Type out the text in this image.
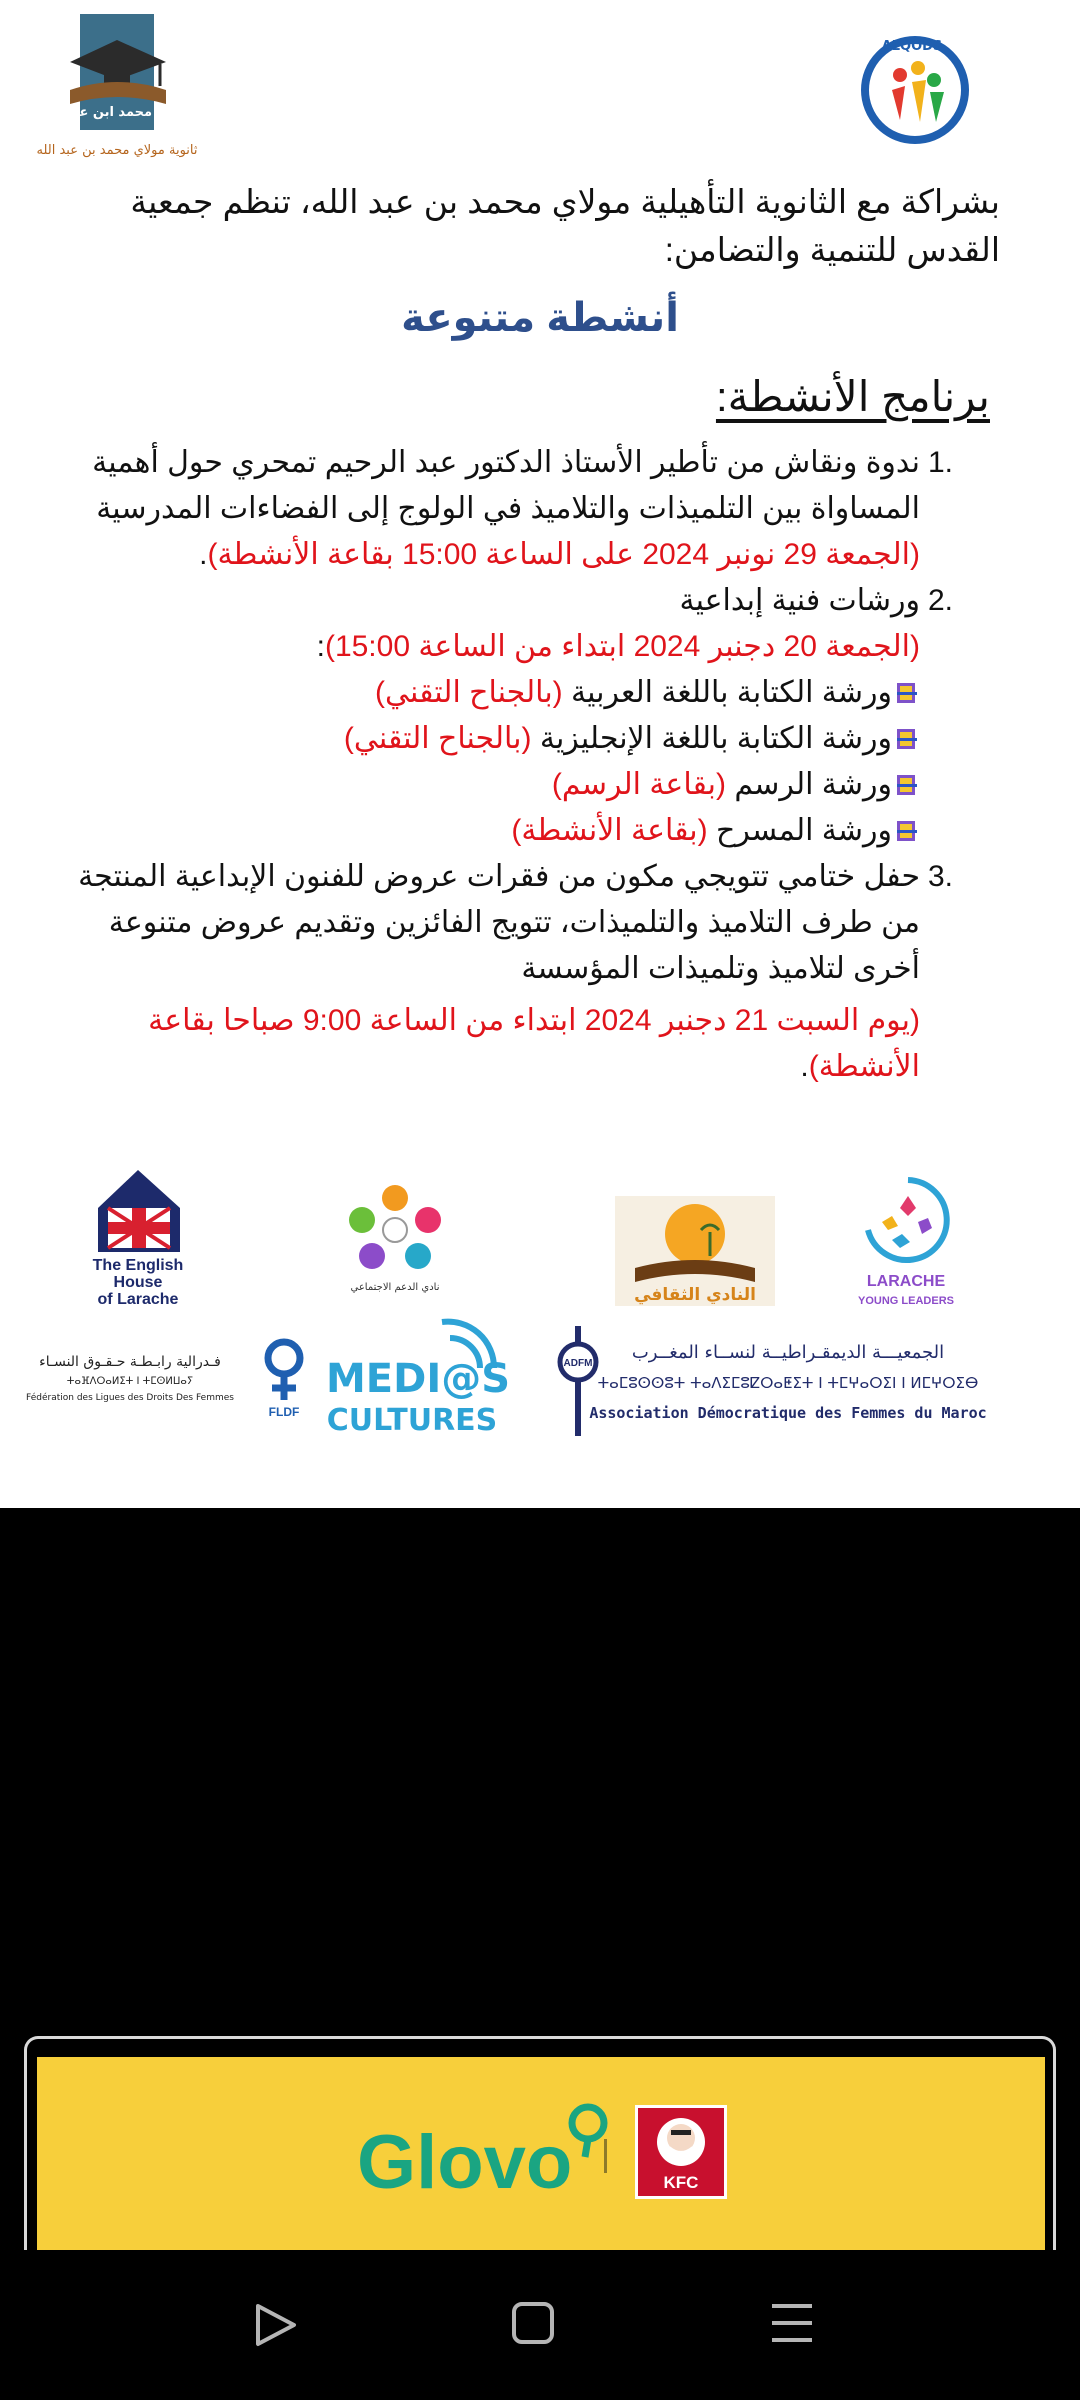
مولاي محمد ابن عبد الله
ثانوية مولاي محمد بن عبد الله
ALQODS
بشراكة مع الثانوية التأهيلية مولاي محمد بن عبد الله، تنظم جمعية القدس للتنمية والتضامن:
أنشطة متنوعة
برنامج الأنشطة:
1.
ندوة ونقاش من تأطير الأستاذ الدكتور عبد الرحيم تمحري حول أهمية المساواة بين التلميذات والتلاميذ في الولوج إلى الفضاءات المدرسية
(الجمعة 29 نونبر 2024 على الساعة 15:00 بقاعة الأنشطة).
2.
ورشات فنية إبداعية
(الجمعة 20 دجنبر 2024 ابتداء من الساعة 15:00):
ورشة الكتابة باللغة العربية (بالجناح التقني)
ورشة الكتابة باللغة الإنجليزية (بالجناح التقني)
ورشة الرسم (بقاعة الرسم)
ورشة المسرح (بقاعة الأنشطة)
3.
حفل ختامي تتويجي مكون من فقرات عروض للفنون الإبداعية المنتجة من طرف التلاميذ والتلميذات، تتويج الفائزين وتقديم عروض متنوعة أخرى لتلاميذ وتلميذات المؤسسة
(يوم السبت 21 دجنبر 2024 ابتداء من الساعة 9:00 صباحا بقاعة الأنشطة).
The English
House
of Larache
نادي الدعم الاجتماعي	النادي الثقافي
LARACHE
YOUNG LEADERS
فـدرالية رابـطـة حـقـوق النسـاء
ⵜⴰⴼⴷⵔⴰⵍⵉⵜ ⵏ ⵜⵎⵙⵍⵡⴰⵢ
Fédération des Ligues des Droits Des Femmes
FLDF
MEDI@S
CULTURES
ADFM
الجمعيـــة الديمقـراطيــة لنســاء المغــرب
ⵜⴰⵎⵓⵙⵙⵓⵜ ⵜⴰⴷⵉⵎⵓⵇⵔⴰⵟⵉⵜ ⵏ ⵜⵎⵖⴰⵔⵉⵏ ⵏ ⵍⵎⵖⵔⵉⴱ
Association Démocratique des Femmes du Maroc
Glovo	KFC
